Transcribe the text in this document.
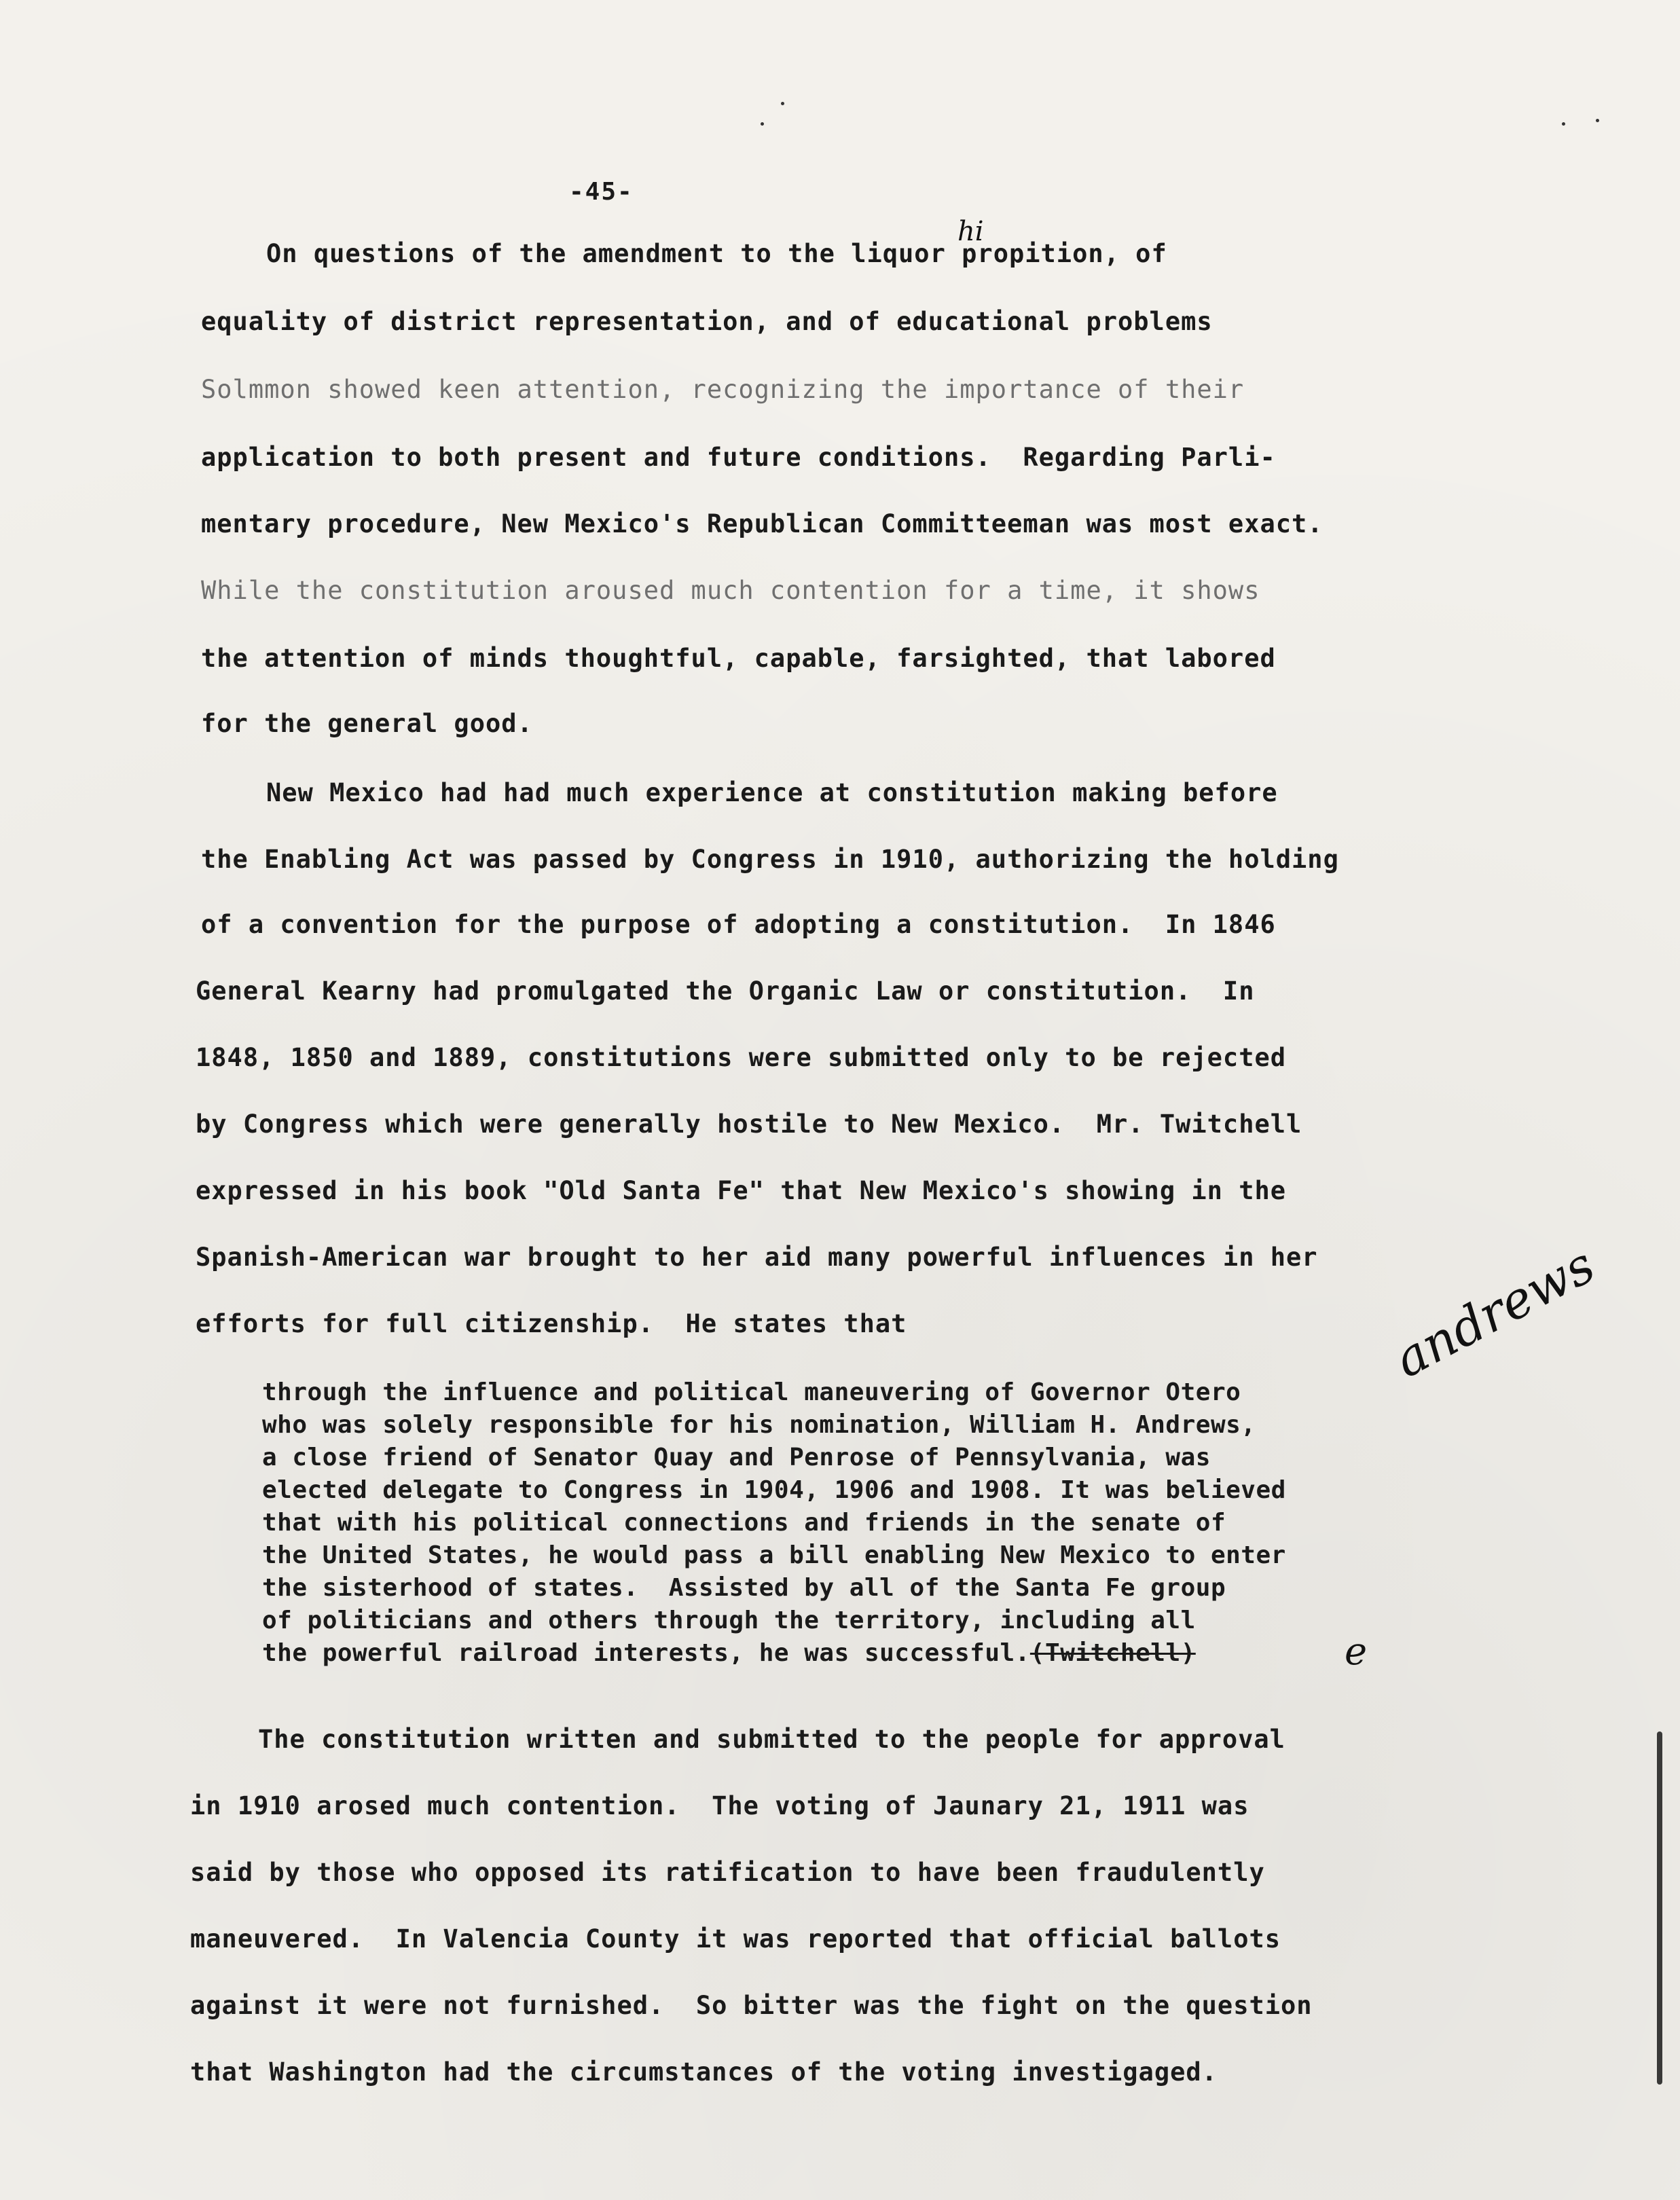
-45-
hi
On questions of the amendment to the liquor propition, of
equality of district representation, and of educational problems
Solmmon showed keen attention, recognizing the importance of their
application to both present and future conditions.  Regarding Parli-
mentary procedure, New Mexico's Republican Committeeman was most exact.
While the constitution aroused much contention for a time, it shows
the attention of minds thoughtful, capable, farsighted, that labored
for the general good.
New Mexico had had much experience at constitution making before
the Enabling Act was passed by Congress in 1910, authorizing the holding
of a convention for the purpose of adopting a constitution.  In 1846
General Kearny had promulgated the Organic Law or constitution.  In
1848, 1850 and 1889, constitutions were submitted only to be rejected
by Congress which were generally hostile to New Mexico.  Mr. Twitchell
expressed in his book "Old Santa Fe" that New Mexico's showing in the
Spanish-American war brought to her aid many powerful influences in her
efforts for full citizenship.  He states that
through the influence and political maneuvering of Governor Otero
who was solely responsible for his nomination, William H. Andrews,
a close friend of Senator Quay and Penrose of Pennsylvania, was
elected delegate to Congress in 1904, 1906 and 1908. It was believed
that with his political connections and friends in the senate of
the United States, he would pass a bill enabling New Mexico to enter
the sisterhood of states.  Assisted by all of the Santa Fe group
of politicians and others through the territory, including all
the powerful railroad interests, he was successful.(Twitchell)
andrews
e
The constitution written and submitted to the people for approval
in 1910 arosed much contention.  The voting of Jaunary 21, 1911 was
said by those who opposed its ratification to have been fraudulently
maneuvered.  In Valencia County it was reported that official ballots
against it were not furnished.  So bitter was the fight on the question
that Washington had the circumstances of the voting investigaged.
